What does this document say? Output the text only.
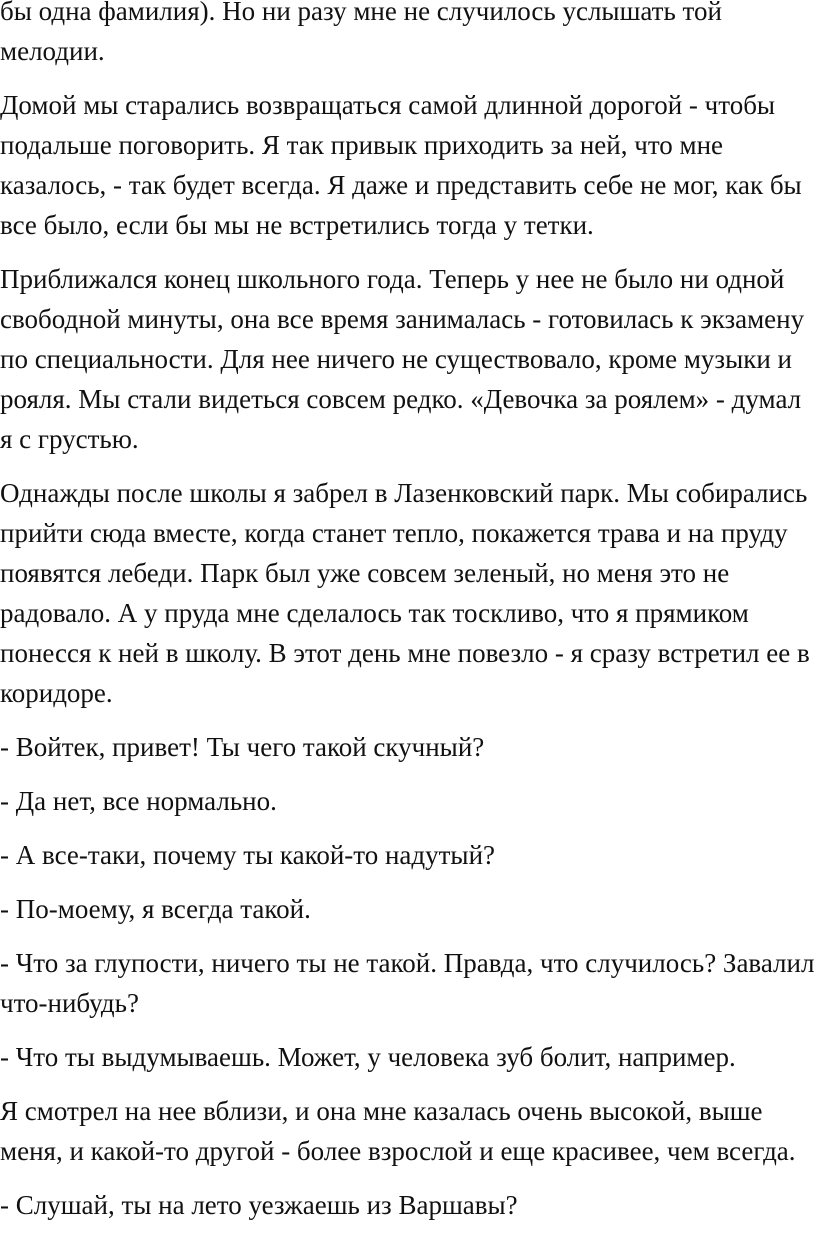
бы одна фамилия). Но ни разу мне не случилось услышать той мелодии.

Домой мы старались возвращаться самой длинной дорогой - чтобы подальше поговорить. Я так привык приходить за ней, что мне казалось, - так будет всегда. Я даже и представить себе не мог, как бы все было, если бы мы не встретились тогда у тетки.

Приближался конец школьного года. Теперь у нее не было ни одной свободной минуты, она все время занималась - готовилась к экзамену по специальности. Для нее ничего не существовало, кроме музыки и рояля. Мы стали видеться совсем редко. «Девочка за роялем» - думал я с грустью.

Однажды после школы я забрел в Лазенковский парк. Мы собирались прийти сюда вместе, когда станет тепло, покажется трава и на пруду появятся лебеди. Парк был уже совсем зеленый, но меня это не радовало. А у пруда мне сделалось так тоскливо, что я прямиком понесся к ней в школу. В этот день мне повезло - я сразу встретил ее в коридоре.

- Войтек, привет! Ты чего такой скучный?

- Да нет, все нормально.

- А все-таки, почему ты какой-то надутый?

- По-моему, я всегда такой.

- Что за глупости, ничего ты не такой. Правда, что случилось? Завалил что-нибудь?

- Что ты выдумываешь. Может, у человека зуб болит, например.

Я смотрел на нее вблизи, и она мне казалась очень высокой, выше меня, и какой-то другой - более взрослой и еще красивее, чем всегда.

- Слушай, ты на лето уезжаешь из Варшавы?
